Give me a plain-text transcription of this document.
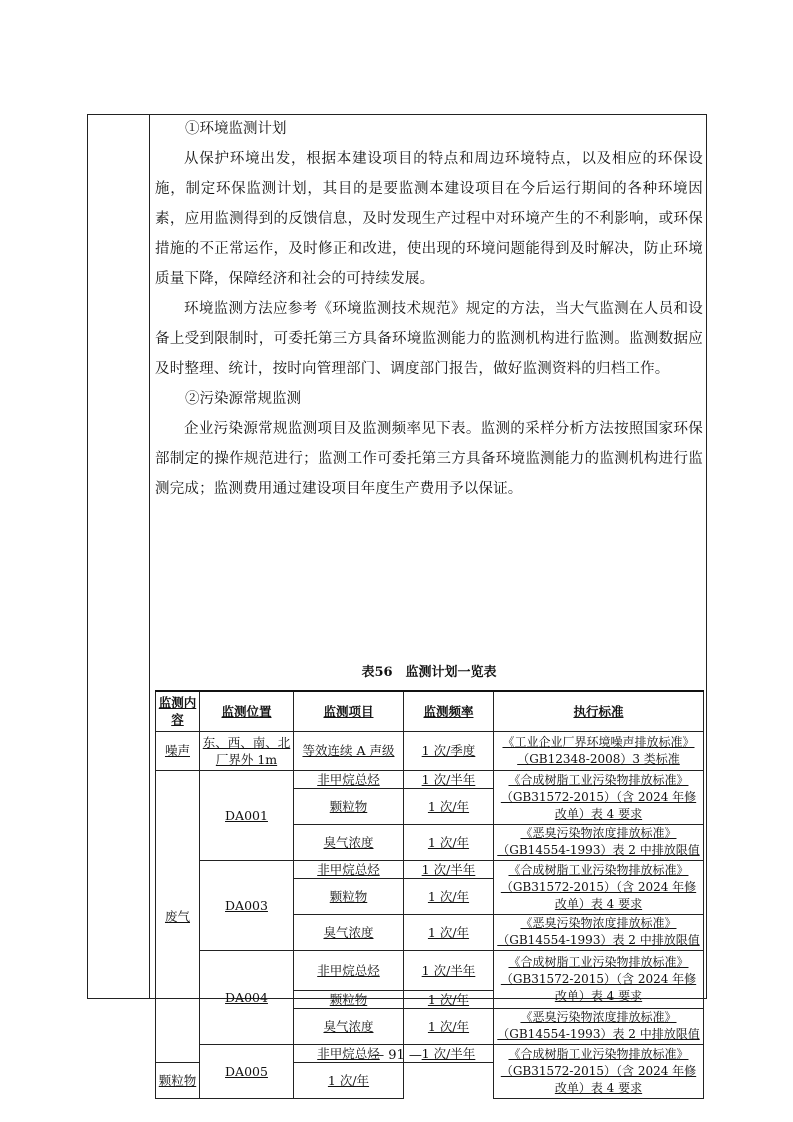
①环境监测计划

从保护环境出发，根据本建设项目的特点和周边环境特点，以及相应的环保设施，制定环保监测计划，其目的是要监测本建设项目在今后运行期间的各种环境因素，应用监测得到的反馈信息，及时发现生产过程中对环境产生的不利影响，或环保措施的不正常运作，及时修正和改进，使出现的环境问题能得到及时解决，防止环境质量下降，保障经济和社会的可持续发展。

环境监测方法应参考《环境监测技术规范》规定的方法，当大气监测在人员和设备上受到限制时，可委托第三方具备环境监测能力的监测机构进行监测。监测数据应及时整理、统计，按时向管理部门、调度部门报告，做好监测资料的归档工作。

②污染源常规监测

企业污染源常规监测项目及监测频率见下表。监测的采样分析方法按照国家环保部制定的操作规范进行；监测工作可委托第三方具备环境监测能力的监测机构进行监测完成；监测费用通过建设项目年度生产费用予以保证。

表56　监测计划一览表
监测内容	监测位置	监测项目	监测频率	执行标准
噪声	东、西、南、北厂界外 1m	等效连续 A 声级	1 次/季度	《工业企业厂界环境噪声排放标准》（GB12348-2008）3 类标准
废气	DA001	非甲烷总烃	1 次/半年	《合成树脂工业污染物排放标准》（GB31572-2015）（含 2024 年修改单）表 4 要求
		颗粒物	1 次/年	

		臭气浓度	1 次/年	《恶臭污染物浓度排放标准》（GB14554-1993）表 2 中排放限值
	DA003	非甲烷总烃	1 次/半年	《合成树脂工业污染物排放标准》（GB31572-2015）（含 2024 年修改单）表 4 要求
		颗粒物	1 次/年	
		臭气浓度	1 次/年	《恶臭污染物浓度排放标准》（GB14554-1993）表 2 中排放限值
	DA004	非甲烷总烃	1 次/半年	《合成树脂工业污染物排放标准》（GB31572-2015）（含 2024 年修改单）表 4 要求
		颗粒物	1 次/年	
		臭气浓度	1 次/年	《恶臭污染物浓度排放标准》（GB14554-1993）表 2 中排放限值
	DA005	非甲烷总烃	1 次/半年	《合成树脂工业污染物排放标准》（GB31572-2015）（含 2024 年修改单）表 4 要求
颗粒物		1 次/年		
— 91 —
